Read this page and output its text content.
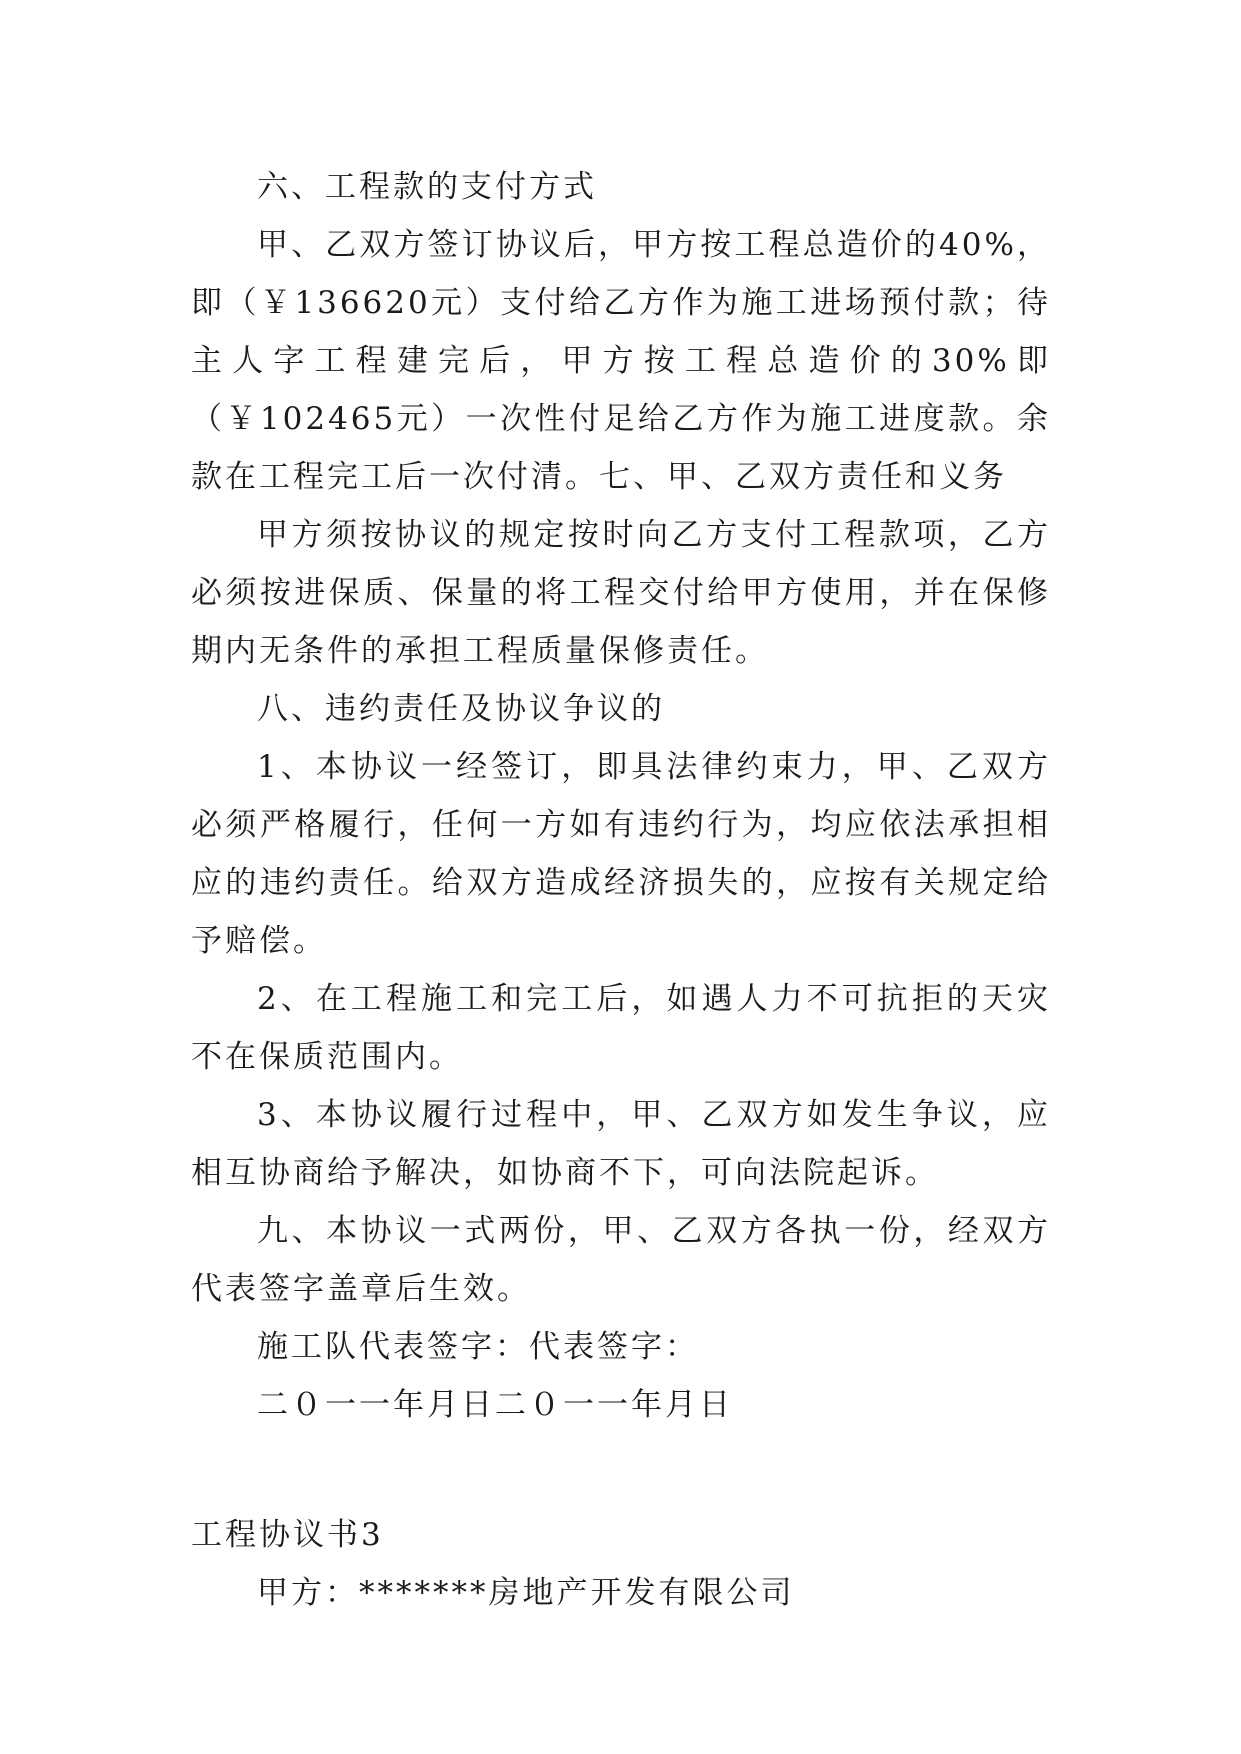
六、工程款的支付方式

甲、乙双方签订协议后，甲方按工程总造价的40%，即（￥136620元）支付给乙方作为施工进场预付款；待主人字工程建完后，甲方按工程总造价的30%即（￥102465元）一次性付足给乙方作为施工进度款。余款在工程完工后一次付清。七、甲、乙双方责任和义务

甲方须按协议的规定按时向乙方支付工程款项，乙方必须按进保质、保量的将工程交付给甲方使用，并在保修期内无条件的承担工程质量保修责任。

八、违约责任及协议争议的

1、本协议一经签订，即具法律约束力，甲、乙双方必须严格履行，任何一方如有违约行为，均应依法承担相应的违约责任。给双方造成经济损失的，应按有关规定给予赔偿。

2、在工程施工和完工后，如遇人力不可抗拒的天灾不在保质范围内。

3、本协议履行过程中，甲、乙双方如发生争议，应相互协商给予解决，如协商不下，可向法院起诉。

九、本协议一式两份，甲、乙双方各执一份，经双方代表签字盖章后生效。

施工队代表签字：代表签字：

二０一一年月日二０一一年月日

工程协议书3

甲方：*******房地产开发有限公司
